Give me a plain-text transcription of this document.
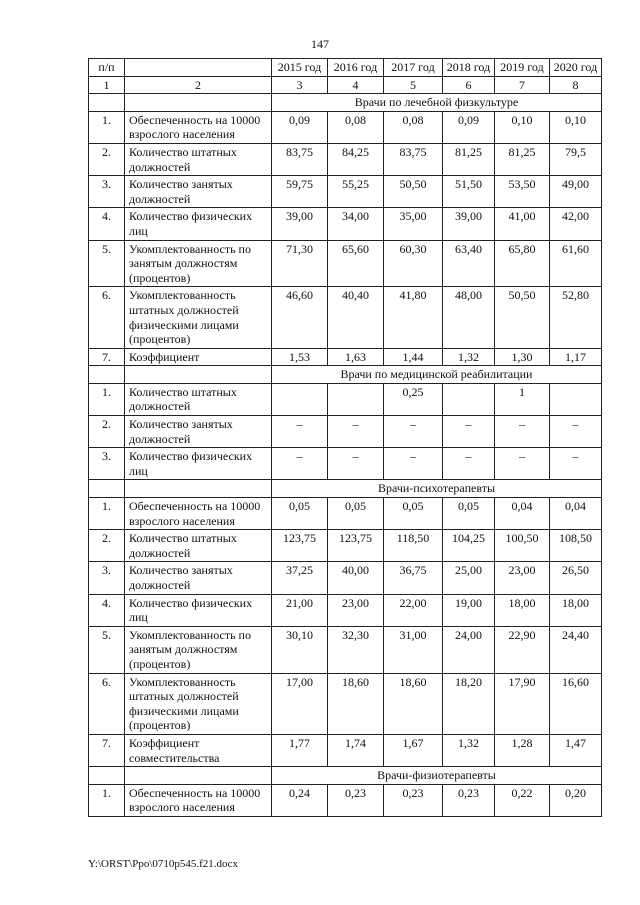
147
п/п		2015 год	2016 год	2017 год	2018 год	2019 год	2020 год
1	2	3	4	5	6	7	8
		Врачи по лечебной физкультуре					
1.	Обеспеченность на 10000 взрослого населения	0,09	0,08	0,08	0,09	0,10	0,10
2.	Количество штатных должностей	83,75	84,25	83,75	81,25	81,25	79,5
3.	Количество занятых должностей	59,75	55,25	50,50	51,50	53,50	49,00
4.	Количество физических лиц	39,00	34,00	35,00	39,00	41,00	42,00
5.	Укомплектованность по занятым должностям (процентов)	71,30	65,60	60,30	63,40	65,80	61,60
6.	Укомплектованность штатных должностей физическими лицами (процентов)	46,60	40,40	41,80	48,00	50,50	52,80
7.	Коэффициент	1,53	1,63	1,44	1,32	1,30	1,17
		Врачи по медицинской реабилитации					
1.	Количество штатных должностей			0,25		1	
2.	Количество занятых должностей	–	–	–	–	–	–
3.	Количество физических лиц	–	–	–	–	–	–
		Врачи-психотерапевты					
1.	Обеспеченность на 10000 взрослого населения	0,05	0,05	0,05	0,05	0,04	0,04
2.	Количество штатных должностей	123,75	123,75	118,50	104,25	100,50	108,50
3.	Количество занятых должностей	37,25	40,00	36,75	25,00	23,00	26,50
4.	Количество физических лиц	21,00	23,00	22,00	19,00	18,00	18,00
5.	Укомплектованность по занятым должностям (процентов)	30,10	32,30	31,00	24,00	22,90	24,40
6.	Укомплектованность штатных должностей физическими лицами (процентов)	17,00	18,60	18,60	18,20	17,90	16,60
7.	Коэффициент совместительства	1,77	1,74	1,67	1,32	1,28	1,47
		Врачи-физиотерапевты					
1.	Обеспеченность на 10000 взрослого населения	0,24	0,23	0,23	0,23	0,22	0,20
Y:\ORST\Ppo\0710p545.f21.docx
